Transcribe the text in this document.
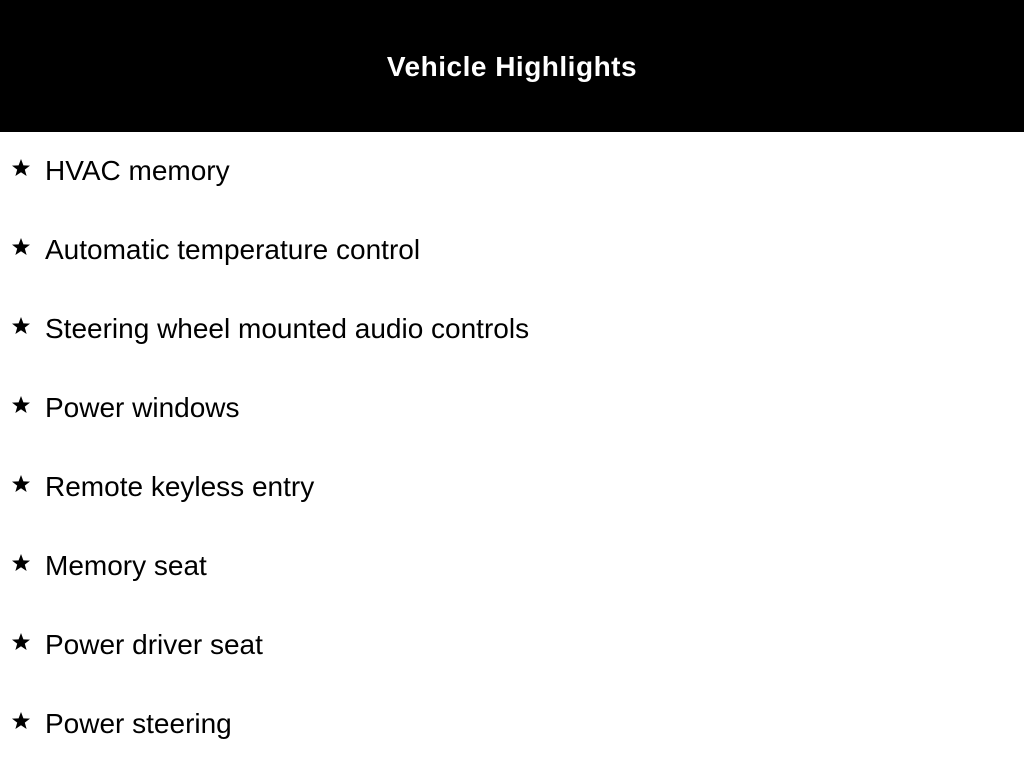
Vehicle Highlights
HVAC memory
Automatic temperature control
Steering wheel mounted audio controls
Power windows
Remote keyless entry
Memory seat
Power driver seat
Power steering
